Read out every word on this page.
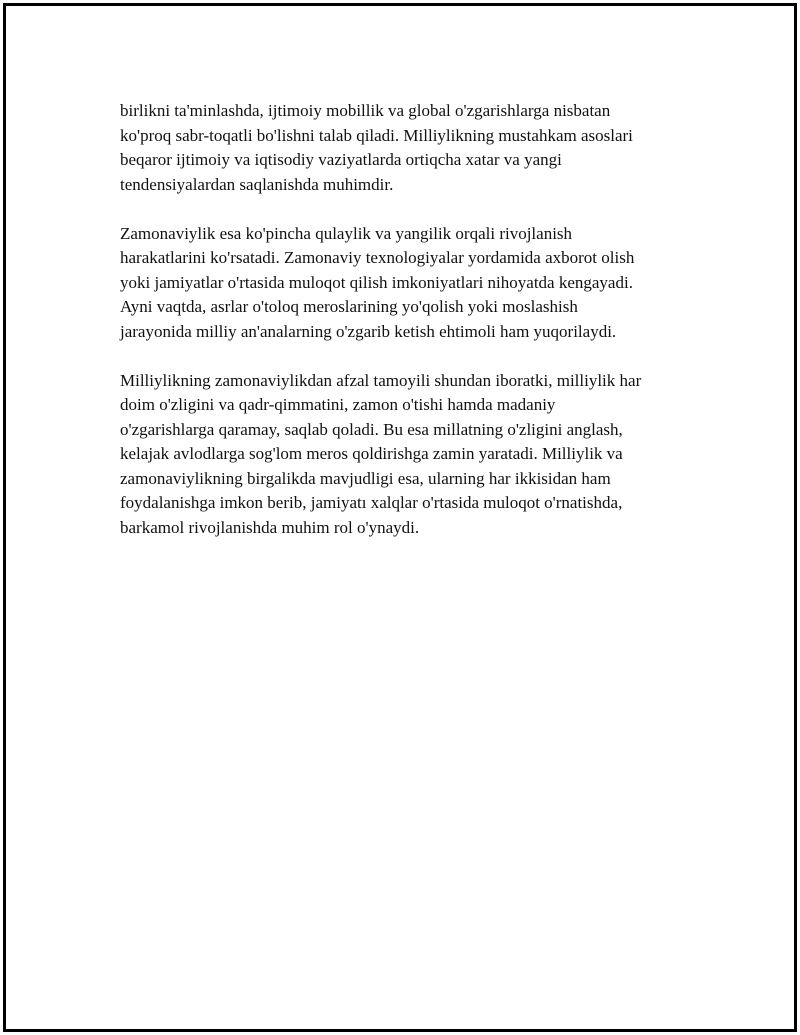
birlikni ta'minlashda, ijtimoiy mobillik va global o'zgarishlarga nisbatan
ko'proq sabr-toqatli bo'lishni talab qiladi. Milliylikning mustahkam asoslari
beqaror ijtimoiy va iqtisodiy vaziyatlarda ortiqcha xatar va yangi
tendensiyalardan saqlanishda muhimdir.

Zamonaviylik esa ko'pincha qulaylik va yangilik orqali rivojlanish
harakatlarini ko'rsatadi. Zamonaviy texnologiyalar yordamida axborot olish
yoki jamiyatlar o'rtasida muloqot qilish imkoniyatlari nihoyatda kengayadi.
Ayni vaqtda, asrlar o'toloq meroslarining yo'qolish yoki moslashish
jarayonida milliy an'analarning o'zgarib ketish ehtimoli ham yuqorilaydi.

Milliylikning zamonaviylikdan afzal tamoyili shundan iboratki, milliylik har
doim o'zligini va qadr-qimmatini, zamon o'tishi hamda madaniy
o'zgarishlarga qaramay, saqlab qoladi. Bu esa millatning o'zligini anglash,
kelajak avlodlarga sog'lom meros qoldirishga zamin yaratadi. Milliylik va
zamonaviylikning birgalikda mavjudligi esa, ularning har ikkisidan ham
foydalanishga imkon berib, jamiyatı xalqlar o'rtasida muloqot o'rnatishda,
barkamol rivojlanishda muhim rol o'ynaydi.
